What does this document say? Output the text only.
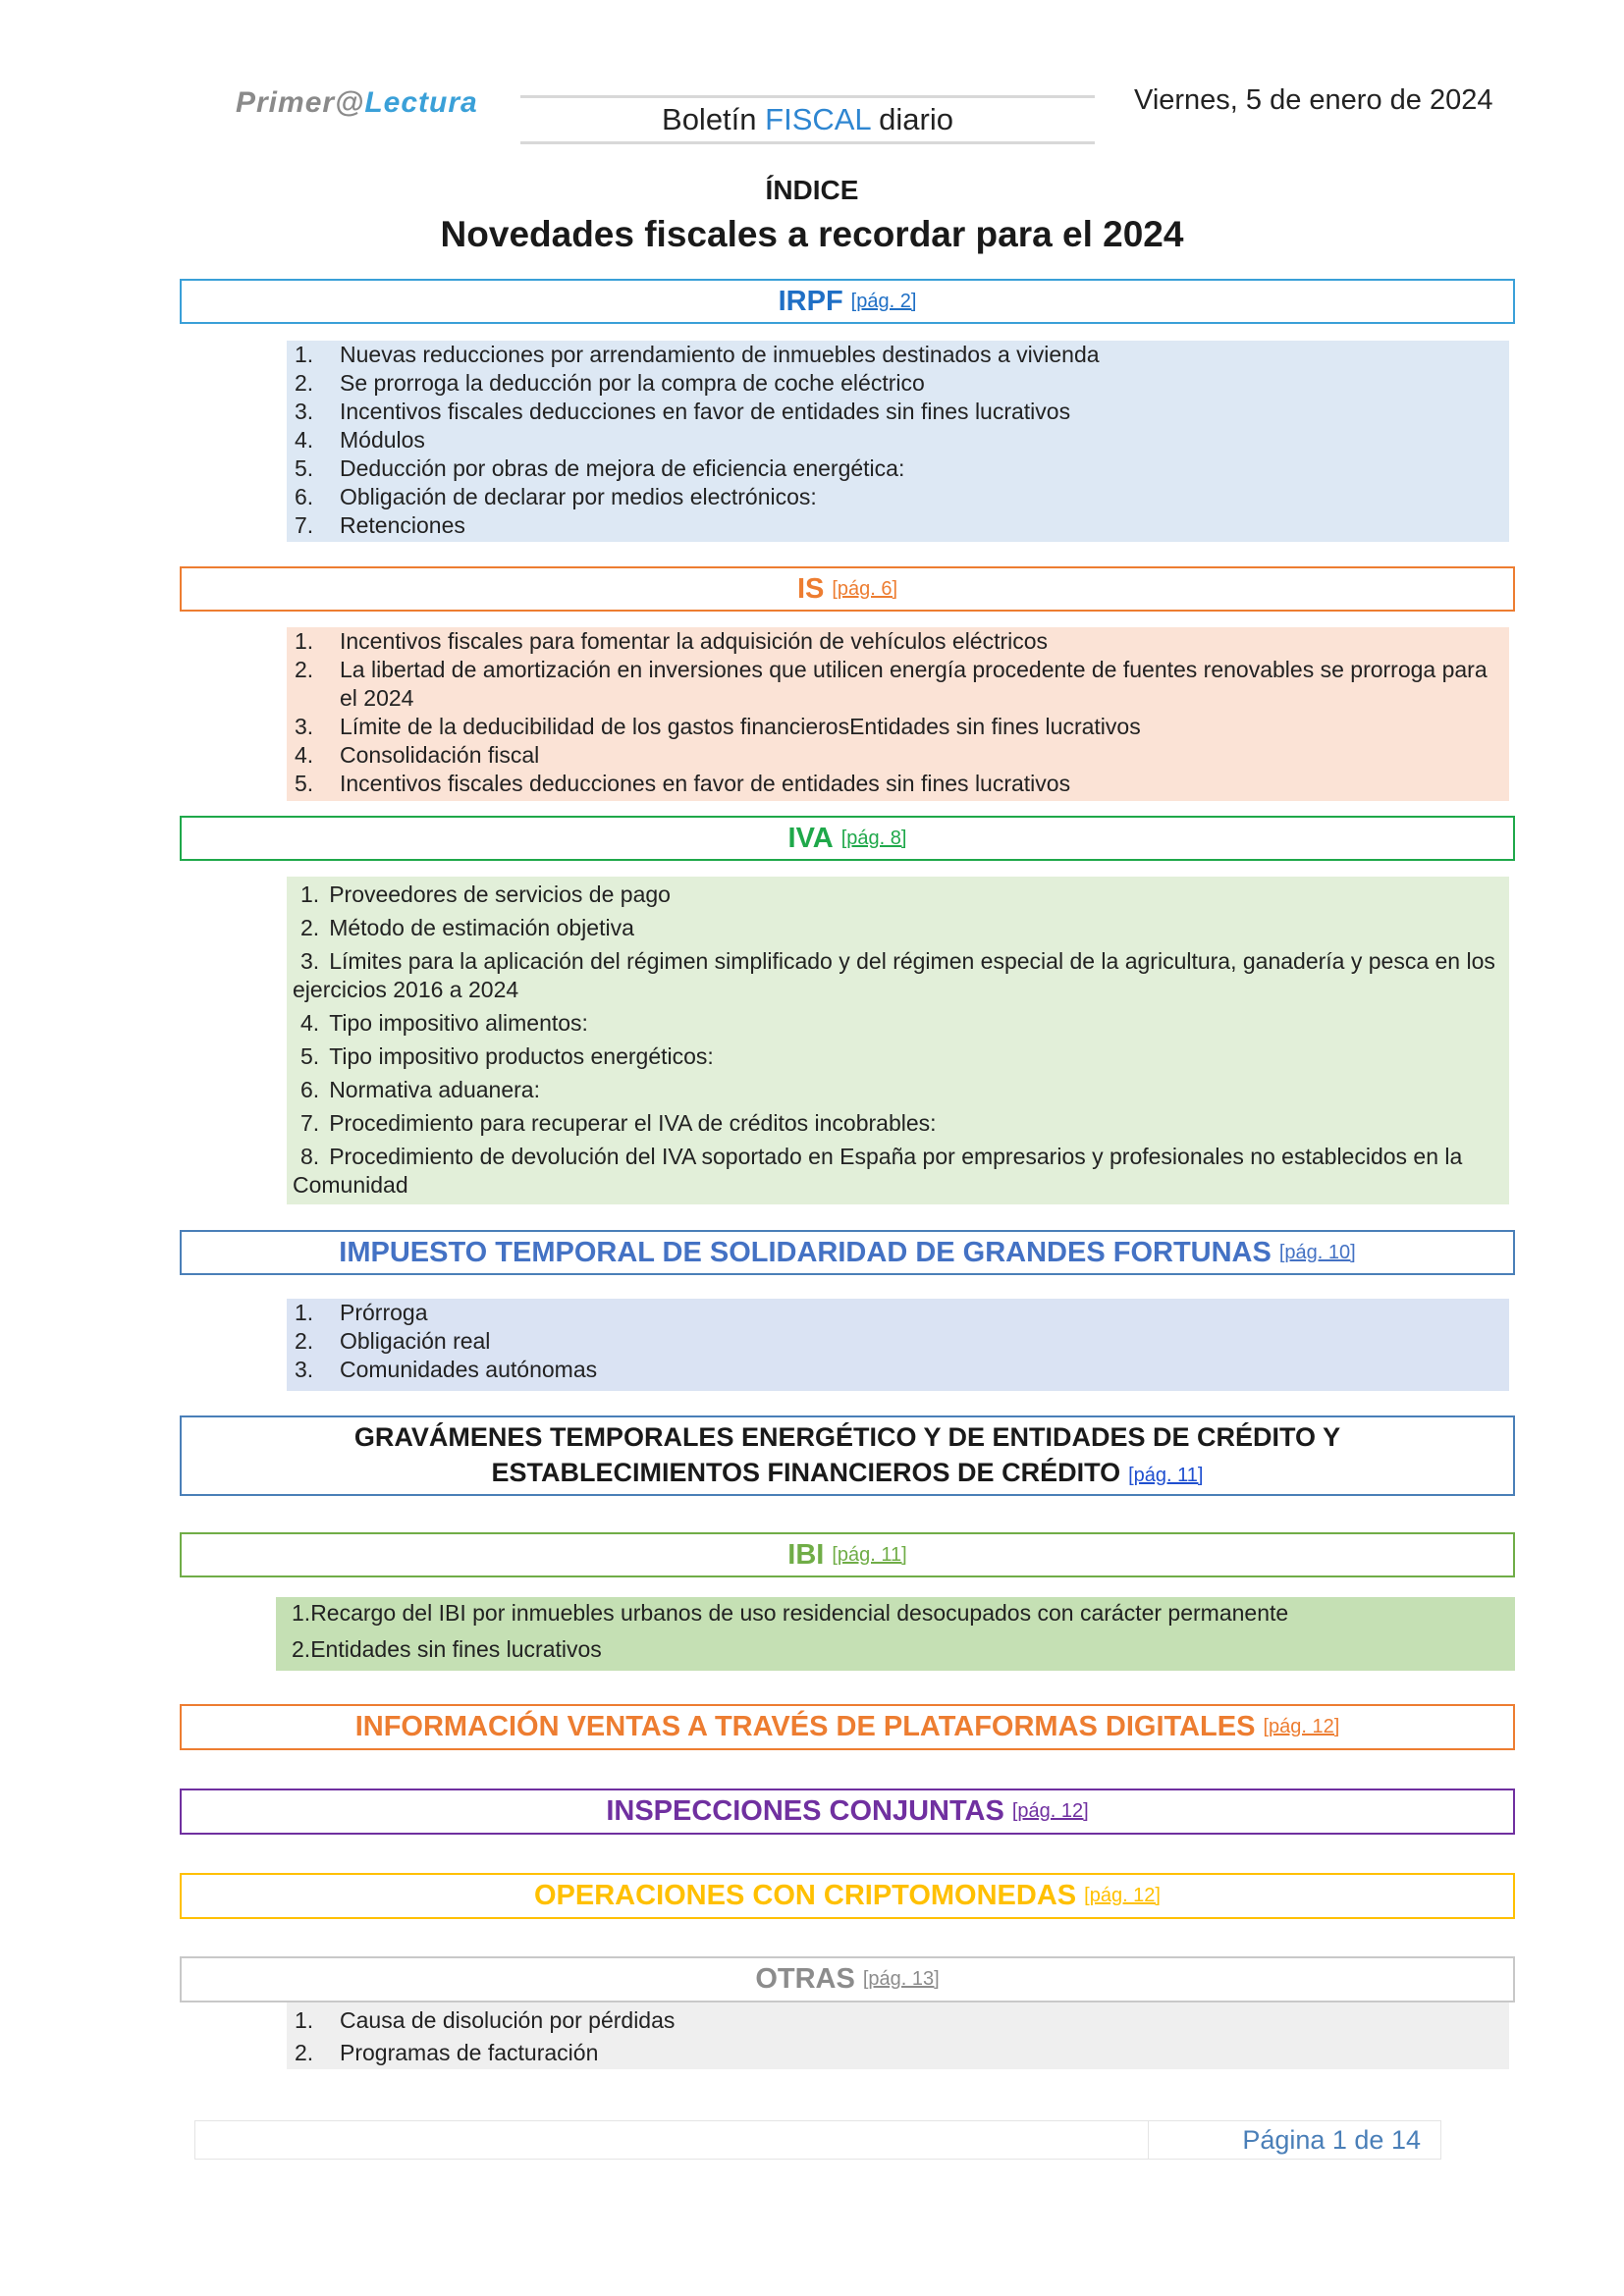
Primer@Lectura	Boletín FISCAL diario
Viernes, 5 de enero de 2024
ÍNDICE
Novedades fiscales a recordar para el 2024
IRPF [pág. 2]
1.	Nuevas reducciones por arrendamiento de inmuebles destinados a vivienda
2.	Se prorroga la deducción por la compra de coche eléctrico
3.	Incentivos fiscales deducciones en favor de entidades sin fines lucrativos
4.	Módulos
5.	Deducción por obras de mejora de eficiencia energética:
6.	Obligación de declarar por medios electrónicos:
7.	Retenciones
IS [pág. 6]
1.	Incentivos fiscales para fomentar la adquisición de vehículos eléctricos
2.	La libertad de amortización en inversiones que utilicen energía procedente de fuentes renovables se prorroga para el 2024
3.	Límite de la deducibilidad de los gastos financierosEntidades sin fines lucrativos
4.	Consolidación fiscal
5.	Incentivos fiscales deducciones en favor de entidades sin fines lucrativos
IVA [pág. 8]
1. Proveedores de servicios de pago
2. Método de estimación objetiva
3. Límites para la aplicación del régimen simplificado y del régimen especial de la agricultura, ganadería y pesca en los ejercicios 2016 a 2024
4. Tipo impositivo alimentos:
5. Tipo impositivo productos energéticos:
6. Normativa aduanera:
7. Procedimiento para recuperar el IVA de créditos incobrables:
8. Procedimiento de devolución del IVA soportado en España por empresarios y profesionales no establecidos en la Comunidad
IMPUESTO TEMPORAL DE SOLIDARIDAD DE GRANDES FORTUNAS [pág. 10]
1.	Prórroga
2.	Obligación real
3.	Comunidades autónomas
GRAVÁMENES TEMPORALES ENERGÉTICO Y DE ENTIDADES DE CRÉDITO Y
ESTABLECIMIENTOS FINANCIEROS DE CRÉDITO [pág. 11]
IBI [pág. 11]
1. Recargo del IBI por inmuebles urbanos de uso residencial desocupados con carácter permanente
2. Entidades sin fines lucrativos
INFORMACIÓN VENTAS A TRAVÉS DE PLATAFORMAS DIGITALES [pág. 12]
INSPECCIONES CONJUNTAS [pág. 12]
OPERACIONES CON CRIPTOMONEDAS [pág. 12]
OTRAS [pág. 13]
1.	Causa de disolución por pérdidas
2.	Programas de facturación
Página 1 de 14
